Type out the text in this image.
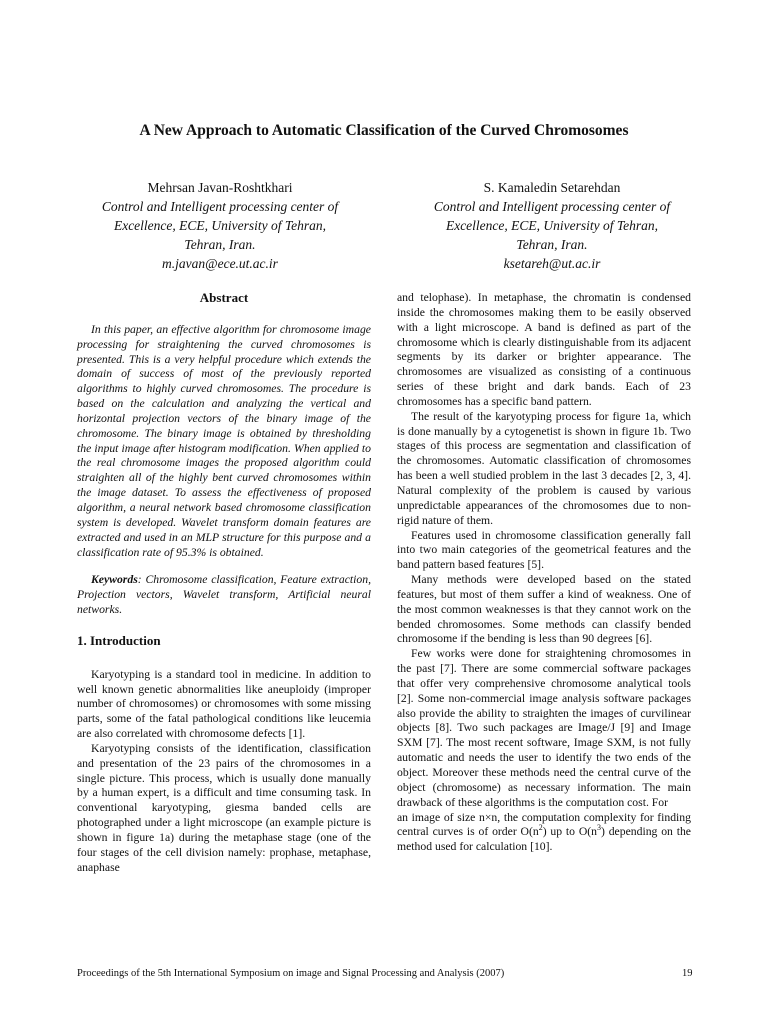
A New Approach to Automatic Classification of the Curved Chromosomes
Mehrsan Javan-Roshtkhari
Control and Intelligent processing center of
Excellence, ECE, University of Tehran,
Tehran, Iran.
m.javan@ece.ut.ac.ir
S. Kamaledin Setarehdan
Control and Intelligent processing center of
Excellence, ECE, University of Tehran,
Tehran, Iran.
ksetareh@ut.ac.ir
Abstract

In this paper, an effective algorithm for chromosome image processing for straightening the curved chromosomes is presented. This is a very helpful procedure which extends the domain of success of most of the previously reported algorithms to highly curved chromosomes. The procedure is based on the calculation and analyzing the vertical and horizontal projection vectors of the binary image of the chromosome. The binary image is obtained by thresholding the input image after histogram modification. When applied to the real chromosome images the proposed algorithm could straighten all of the highly bent curved chromosomes within the image dataset. To assess the effectiveness of proposed algorithm, a neural network based chromosome classification system is developed. Wavelet transform domain features are extracted and used in an MLP structure for this purpose and a classification rate of 95.3% is obtained.

Keywords: Chromosome classification, Feature extraction, Projection vectors, Wavelet transform, Artificial neural networks.

1. Introduction

Karyotyping is a standard tool in medicine. In addition to well known genetic abnormalities like aneuploidy (improper number of chromosomes) or chromosomes with some missing parts, some of the fatal pathological conditions like leucemia are also correlated with chromosome defects [1].

Karyotyping consists of the identification, classification and presentation of the 23 pairs of the chromosomes in a single picture. This process, which is usually done manually by a human expert, is a difficult and time consuming task. In conventional karyotyping, giesma banded cells are photographed under a light microscope (an example picture is shown in figure 1a) during the metaphase stage (one of the four stages of the cell division namely: prophase, metaphase, anaphase

and telophase). In metaphase, the chromatin is condensed inside the chromosomes making them to be easily observed with a light microscope. A band is defined as part of the chromosome which is clearly distinguishable from its adjacent segments by its darker or brighter appearance. The chromosomes are visualized as consisting of a continuous series of these bright and dark bands. Each of 23 chromosomes has a specific band pattern.

The result of the karyotyping process for figure 1a, which is done manually by a cytogenetist is shown in figure 1b. Two stages of this process are segmentation and classification of the chromosomes. Automatic classification of chromosomes has been a well studied problem in the last 3 decades [2, 3, 4]. Natural complexity of the problem is caused by various unpredictable appearances of the chromosomes due to non-rigid nature of them.

Features used in chromosome classification generally fall into two main categories of the geometrical features and the band pattern based features [5].

Many methods were developed based on the stated features, but most of them suffer a kind of weakness. One of the most common weaknesses is that they cannot work on the bended chromosomes. Some methods can classify bended chromosome if the bending is less than 90 degrees [6].

Few works were done for straightening chromosomes in the past [7]. There are some commercial software packages that offer very comprehensive chromosome analytical tools [2]. Some non-commercial image analysis software packages also provide the ability to straighten the images of curvilinear objects [8]. Two such packages are Image/J [9] and Image SXM [7]. The most recent software, Image SXM, is not fully automatic and needs the user to identify the two ends of the object. Moreover these methods need the central curve of the object (chromosome) as necessary information. The main drawback of these algorithms is the computation cost. For

an image of size n×n, the computation complexity for finding central curves is of order $O(n^2)$ up to $O(n^3)$ depending on the method used for calculation [10].

Proceedings of the 5th International Symposium on image and Signal Processing and Analysis (2007)	19
